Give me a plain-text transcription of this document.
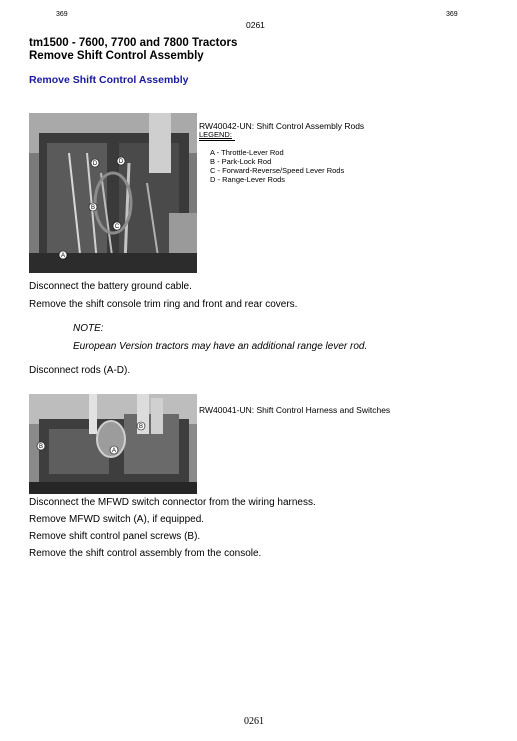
369	369
0261
tm1500 - 7600, 7700 and 7800 Tractors
Remove Shift Control Assembly
Remove Shift Control Assembly
D	D
B
C
A
RW40042-UN: Shift Control Assembly Rods
LEGEND:
A - Throttle-Lever Rod
B - Park-Lock Rod
C - Forward-Reverse/Speed Lever Rods
D - Range-Lever Rods
Disconnect the battery ground cable.
Remove the shift console trim ring and front and rear covers.
NOTE:
European Version tractors may have an additional range lever rod.
Disconnect rods (A-D).
B
B
A
RW40041-UN: Shift Control Harness and Switches
Disconnect the MFWD switch connector from the wiring harness.
Remove MFWD switch (A), if equipped.
Remove shift control panel screws (B).
Remove the shift control assembly from the console.
0261
